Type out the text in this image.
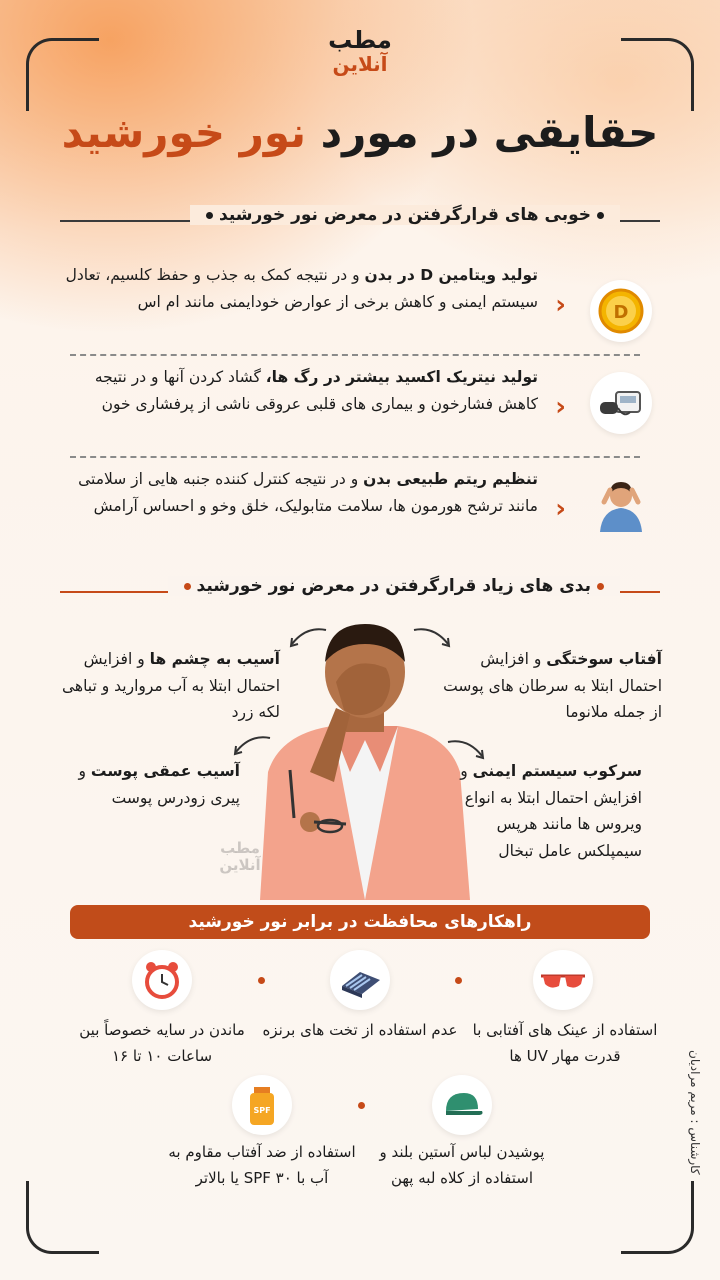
مطب
آنلاین
حقایقی در مورد نور خورشید
خوبی های قرارگرفتن در معرض نور خورشید
D
‹
تولید ویتامین D در بدن و در نتیجه کمک به جذب و حفظ کلسیم، تعادل سیستم ایمنی و کاهش برخی از عوارض خودایمنی مانند ام اس
‹
تولید نیتریک اکسید بیشتر در رگ ها، گشاد کردن آنها و در نتیجه کاهش فشارخون و بیماری های قلبی عروقی ناشی از پرفشاری خون
‹
تنظیم ریتم طبیعی بدن و در نتیجه کنترل کننده جنبه هایی از سلامتی مانند ترشح هورمون ها، سلامت متابولیک، خلق وخو و احساس آرامش
بدی های زیاد قرارگرفتن در معرض نور خورشید
آفتاب سوختگی و افزایش احتمال ابتلا به سرطان های پوست از جمله ملانوما
آسیب به چشم ها و افزایش احتمال ابتلا به آب مروارید و تباهی لکه زرد
سرکوب سیستم ایمنی و افزایش احتمال ابتلا به انواع ویروس ها مانند هرپس سیمپلکس عامل تبخال
آسیب عمقی پوست و پیری زودرس پوست
مطب
آنلاین
راهکارهای محافظت در برابر نور خورشید
استفاده از عینک های آفتابی با قدرت مهار UV ها
عدم استفاده از تخت های برنزه
ماندن در سایه خصوصاً بین ساعات ۱۰ تا ۱۶
SPF
پوشیدن لباس آستین بلند و استفاده از کلاه لبه پهن
استفاده از ضد آفتاب مقاوم به آب با SPF ۳۰ یا بالاتر
کارشناس : مریم مرادیان
